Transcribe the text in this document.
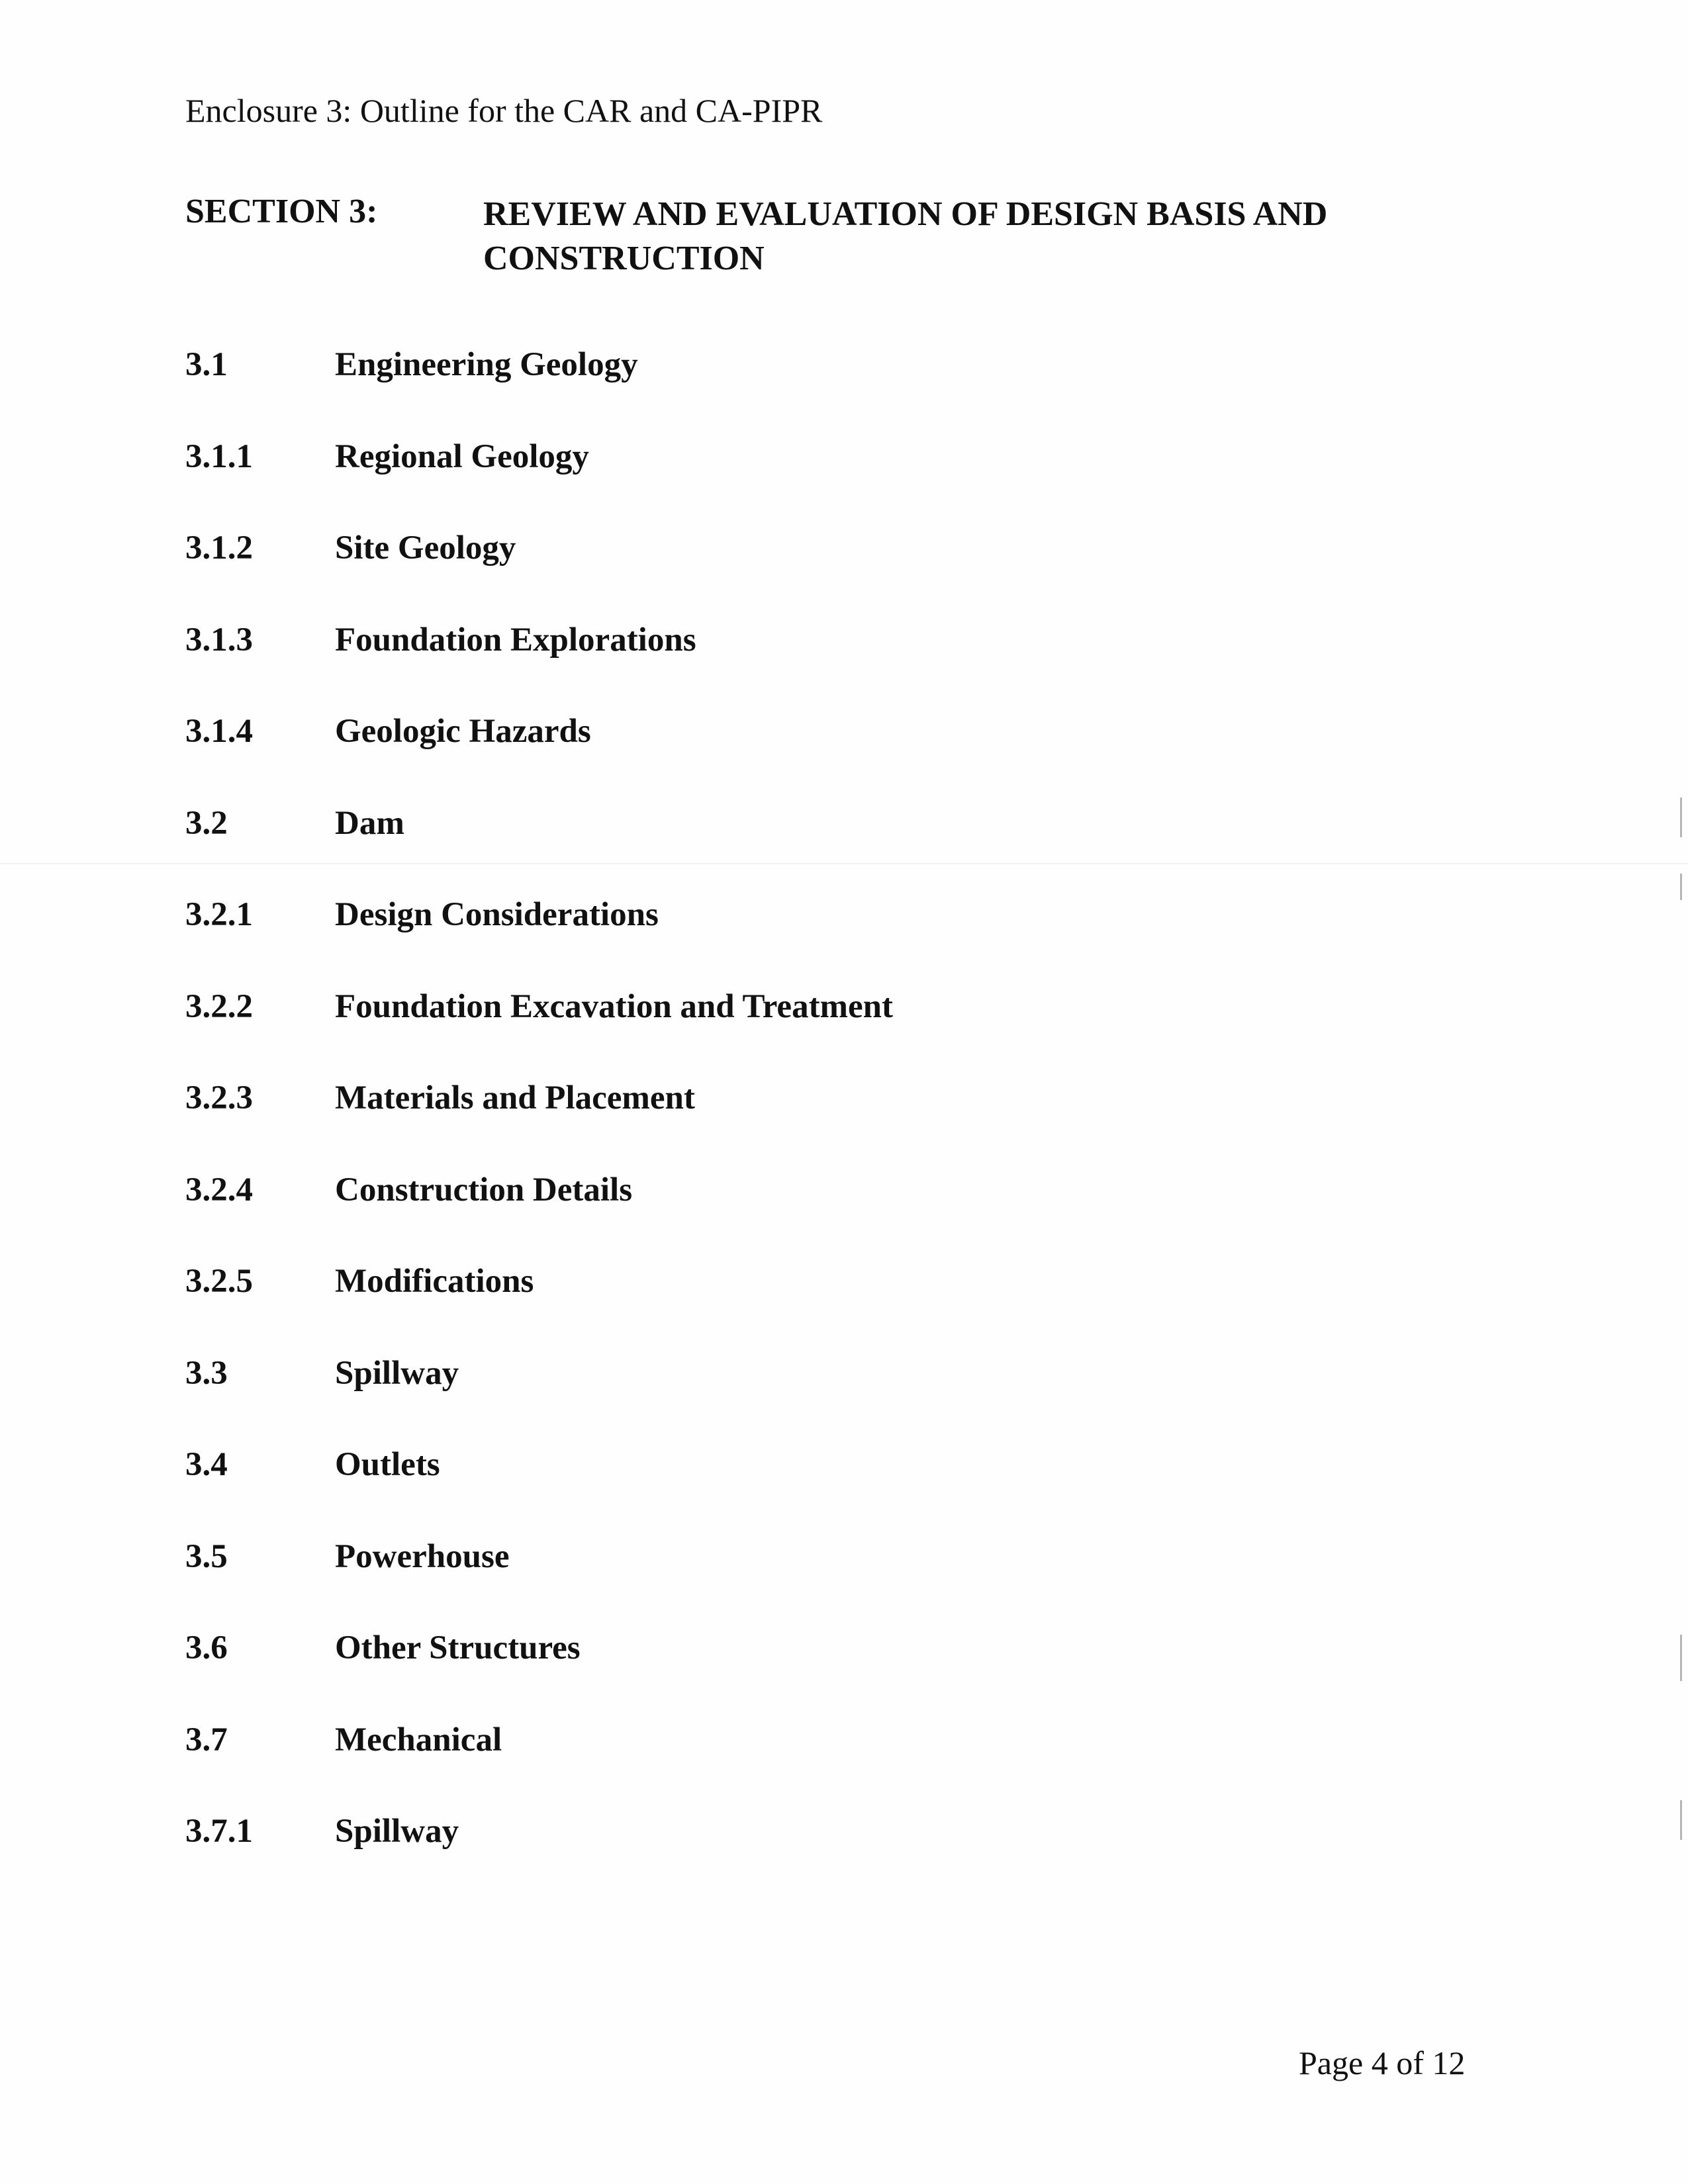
Enclosure 3: Outline for the CAR and CA-PIPR
SECTION 3:	REVIEW AND EVALUATION OF DESIGN BASIS AND CONSTRUCTION
3.1	Engineering Geology
3.1.1 Regional Geology
3.1.2 Site Geology
3.1.3 Foundation Explorations
3.1.4 Geologic Hazards
3.2	Dam
3.2.1 Design Considerations
3.2.2 Foundation Excavation and Treatment
3.2.3 Materials and Placement
3.2.4 Construction Details
3.2.5 Modifications
3.3	Spillway
3.4	Outlets
3.5	Powerhouse
3.6	Other Structures
3.7	Mechanical
3.7.1 Spillway
Page 4 of 12
